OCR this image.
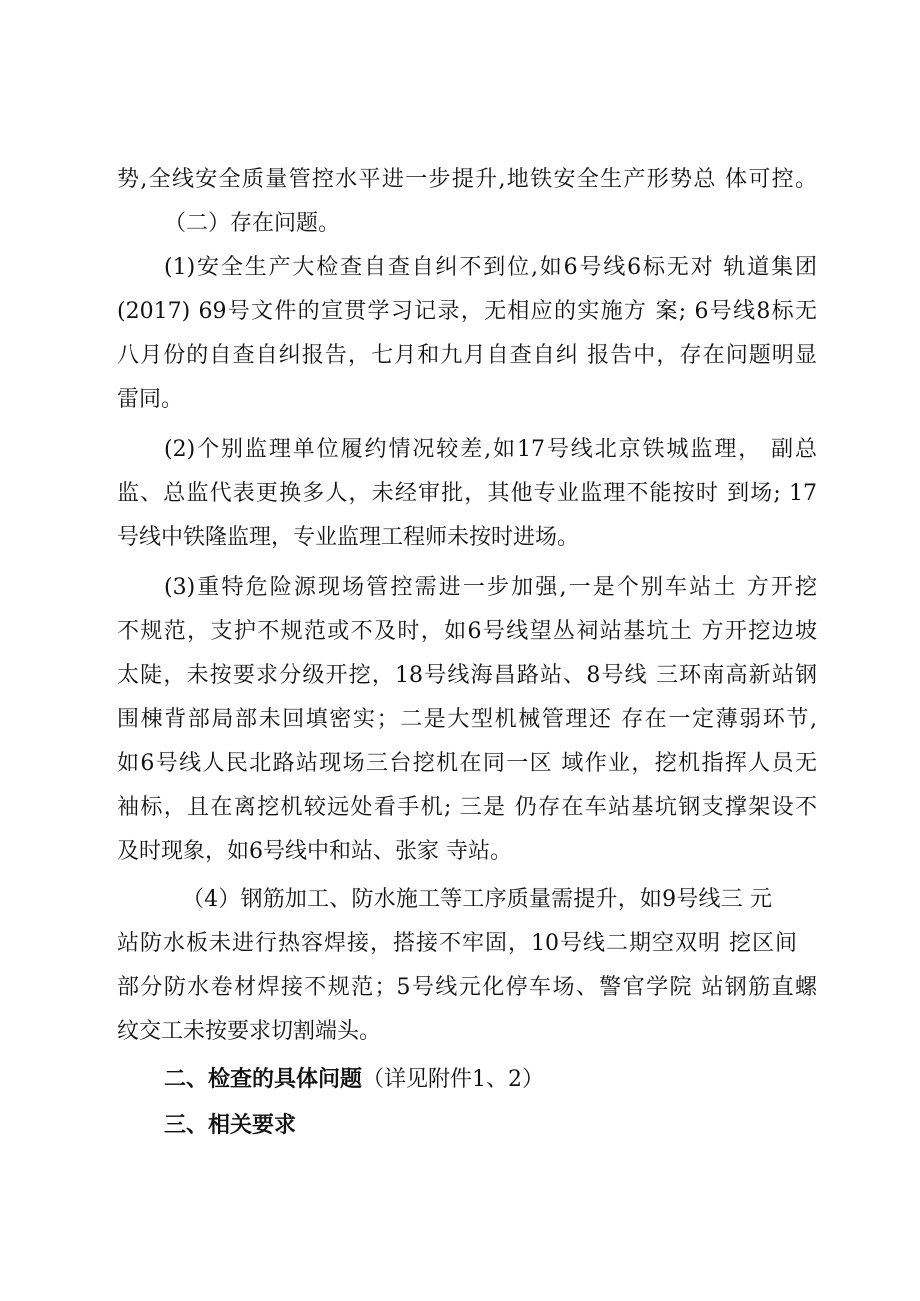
势,全线安全质量管控水平进一步提升,地铁安全生产形势总 体可控。
（二）存在问题。
(1)安全生产大检查自查自纠不到位,如6号线6标无对 轨道集团
(2017) 69号文件的宣贯学习记录，无相应的实施方 案; 6号线8标无
八月份的自查自纠报告，七月和九月自查自纠 报告中，存在问题明显
雷同。
(2)个别监理单位履约情况较差,如17号线北京铁城监理， 副总
监、总监代表更换多人，未经审批，其他专业监理不能按时 到场; 17
号线中铁隆监理，专业监理工程师未按时进场。
(3)重特危险源现场管控需进一步加强,一是个别车站土 方开挖
不规范，支护不规范或不及时，如6号线望丛祠站基坑土 方开挖边坡
太陡，未按要求分级开挖，18号线海昌路站、8号线 三环南高新站钢
围棟背部局部未回填密实；二是大型机械管理还 存在一定薄弱环节,
如6号线人民北路站现场三台挖机在同一区 域作业，挖机指挥人员无
袖标，且在离挖机较远处看手机; 三是 仍存在车站基坑钢支撑架设不
及时现象，如6号线中和站、张家 寺站。
（4）钢筋加工、防水施工等工序质量需提升，如9号线三 元
站防水板未进行热容焊接，搭接不牢固，10号线二期空双明 挖区间
部分防水卷材焊接不规范；5号线元化停车场、警官学院 站钢筋直螺
纹交工未按要求切割端头。
二、检查的具体问题（详见附件1、2）
三、相关要求
